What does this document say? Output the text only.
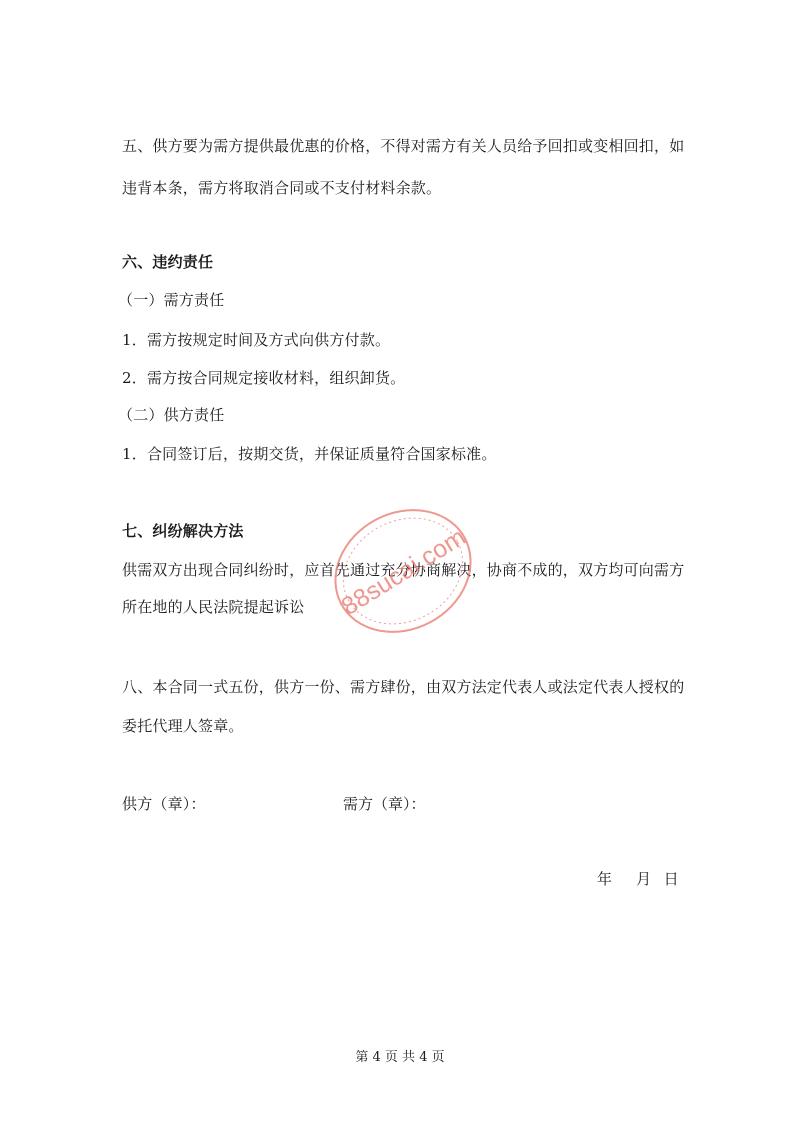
五、供方要为需方提供最优惠的价格，不得对需方有关人员给予回扣或变相回扣，如
违背本条，需方将取消合同或不支付材料余款。
六、违约责任
（一）需方责任
1．需方按规定时间及方式向供方付款。
2．需方按合同规定接收材料，组织卸货。
（二）供方责任
1．合同签订后，按期交货，并保证质量符合国家标准。
七、纠纷解决方法
供需双方出现合同纠纷时，应首先通过充分协商解决，协商不成的，双方均可向需方
所在地的人民法院提起诉讼
八、本合同一式五份，供方一份、需方肆份，由双方法定代表人或法定代表人授权的
委托代理人签章。
供方（章）：	需方（章）：
年    月  日
第 4 页 共 4 页
88sucai.com
